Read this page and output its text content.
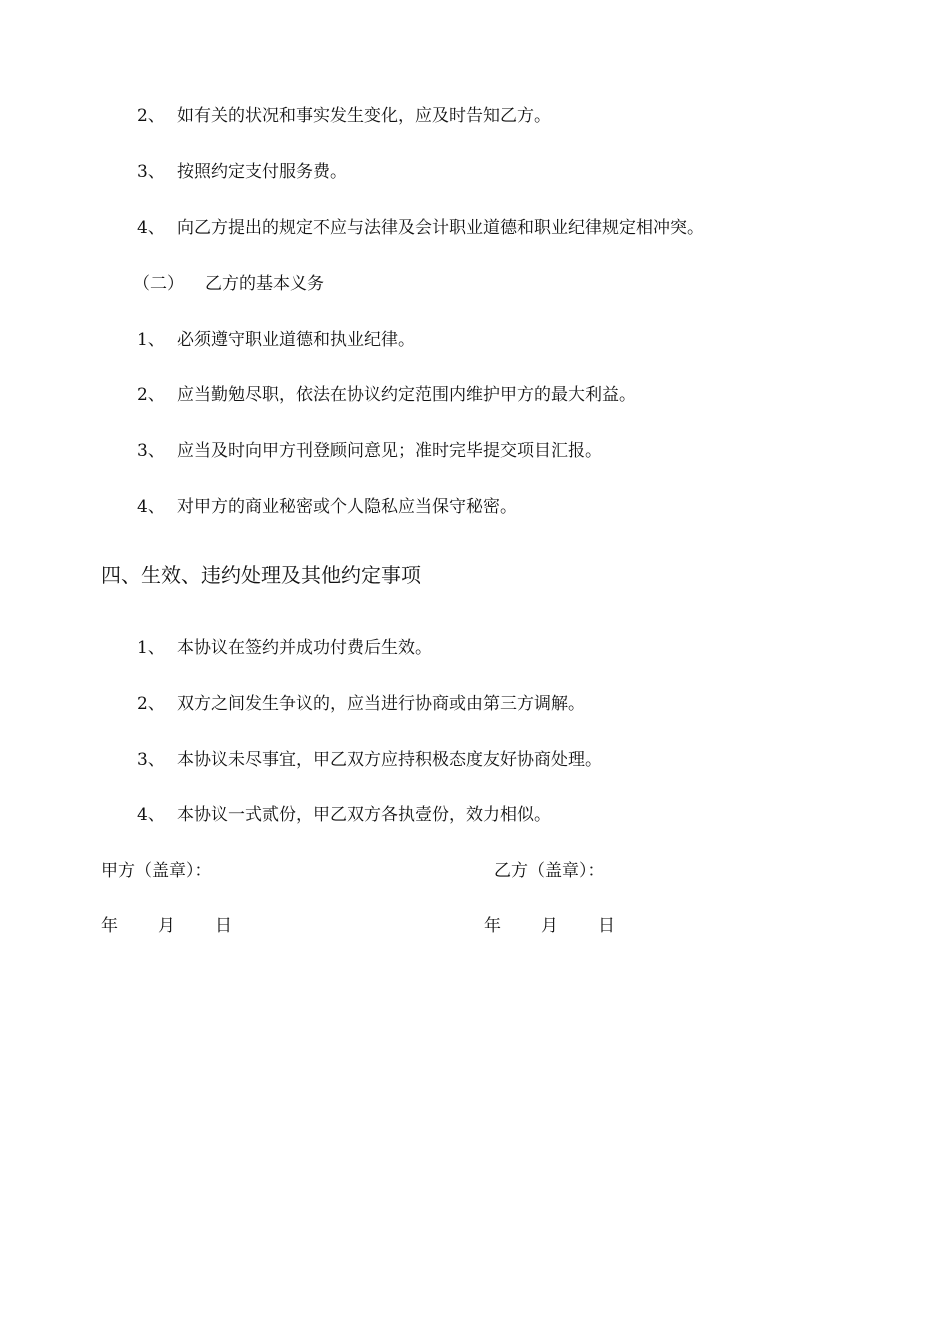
2、 如有关的状况和事实发生变化，应及时告知乙方。
3、 按照约定支付服务费。
4、 向乙方提出的规定不应与法律及会计职业道德和职业纪律规定相冲突。
（二） 乙方的基本义务
1、 必须遵守职业道德和执业纪律。
2、 应当勤勉尽职，依法在协议约定范围内维护甲方的最大利益。
3、 应当及时向甲方刊登顾问意见；准时完毕提交项目汇报。
4、 对甲方的商业秘密或个人隐私应当保守秘密。
四、生效、违约处理及其他约定事项
1、 本协议在签约并成功付费后生效。
2、 双方之间发生争议的，应当进行协商或由第三方调解。
3、 本协议未尽事宜，甲乙双方应持积极态度友好协商处理。
4、 本协议一式贰份，甲乙双方各执壹份，效力相似。
甲方（盖章）：	乙方（盖章）：
年 月 日	年 月 日
